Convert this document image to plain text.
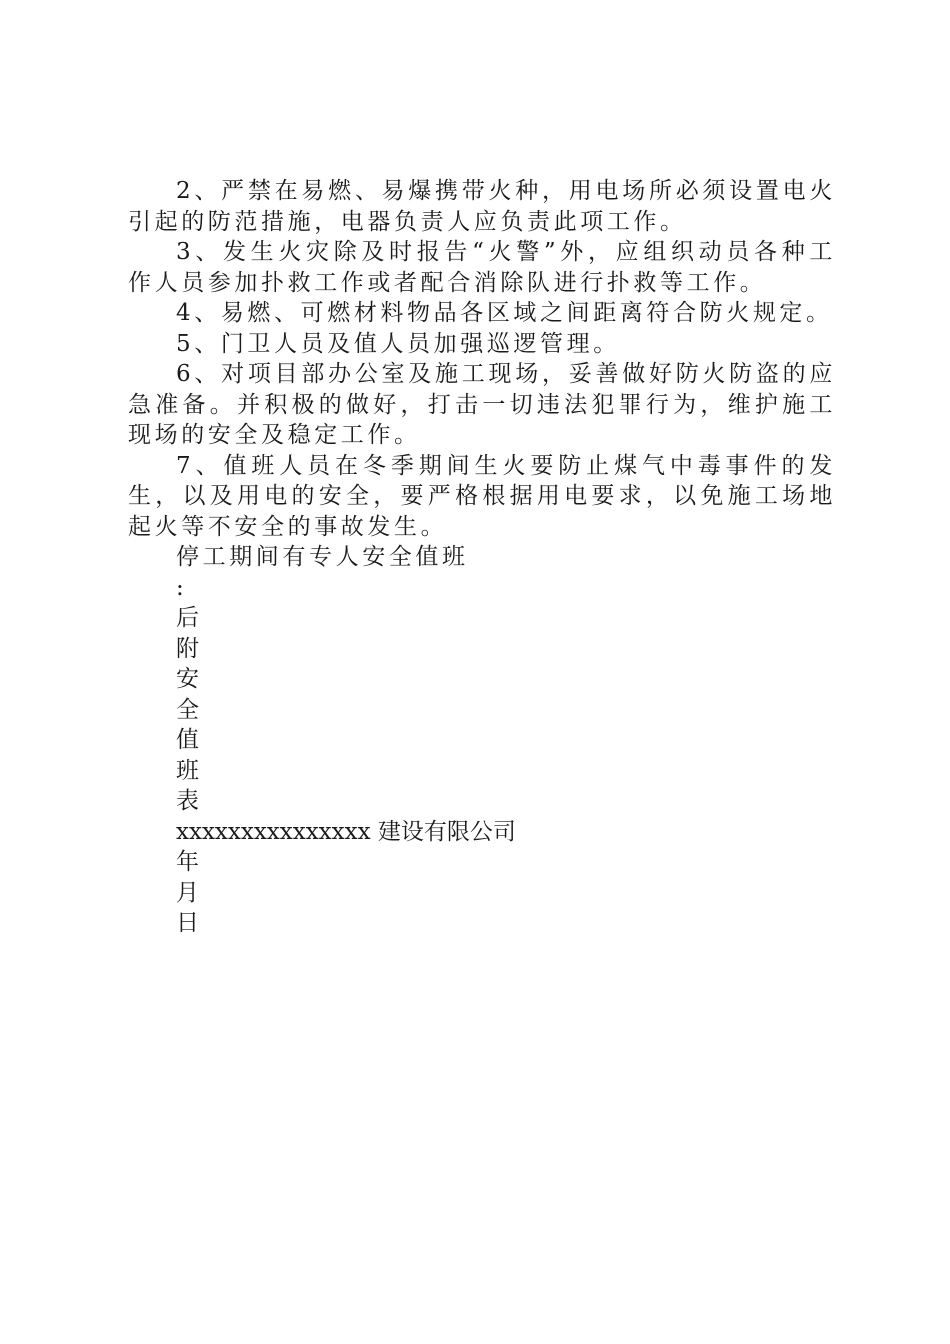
2、严禁在易燃、易爆携带火种，用电场所必须设置电火引起的防范措施，电器负责人应负责此项工作。

3、发生火灾除及时报告“火警”外，应组织动员各种工作人员参加扑救工作或者配合消除队进行扑救等工作。

4、易燃、可燃材料物品各区域之间距离符合防火规定。

5、门卫人员及值人员加强巡逻管理。

6、对项目部办公室及施工现场，妥善做好防火防盗的应急准备。并积极的做好，打击一切违法犯罪行为，维护施工现场的安全及稳定工作。

7、值班人员在冬季期间生火要防止煤气中毒事件的发生，以及用电的安全，要严格根据用电要求，以免施工场地起火等不安全的事故发生。

停工期间有专人安全值班

:

后

附

安

全

值

班

表

xxxxxxxxxxxxxxx 建设有限公司

年

月

日
